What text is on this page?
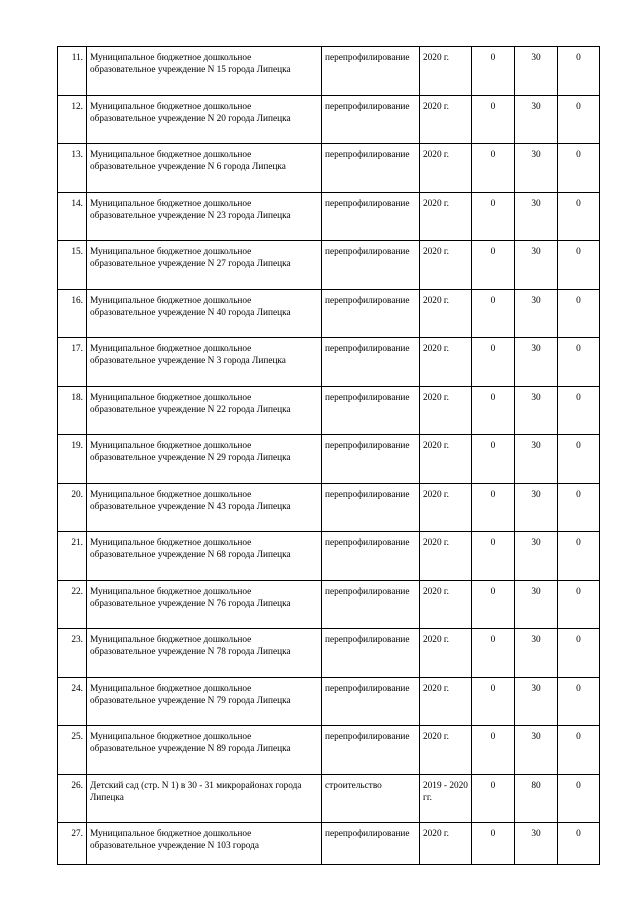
11.	Муниципальное бюджетное дошкольное образовательное учреждение N 15 города Липецка	перепрофилирование	2020 г.	0	30	0
12.	Муниципальное бюджетное дошкольное образовательное учреждение N 20 города Липецка	перепрофилирование	2020 г.	0	30	0
13.	Муниципальное бюджетное дошкольное образовательное учреждение N 6 города Липецка	перепрофилирование	2020 г.	0	30	0
14.	Муниципальное бюджетное дошкольное образовательное учреждение N 23 города Липецка	перепрофилирование	2020 г.	0	30	0
15.	Муниципальное бюджетное дошкольное образовательное учреждение N 27 города Липецка	перепрофилирование	2020 г.	0	30	0
16.	Муниципальное бюджетное дошкольное образовательное учреждение N 40 города Липецка	перепрофилирование	2020 г.	0	30	0
17.	Муниципальное бюджетное дошкольное образовательное учреждение N 3 города Липецка	перепрофилирование	2020 г.	0	30	0
18.	Муниципальное бюджетное дошкольное образовательное учреждение N 22 города Липецка	перепрофилирование	2020 г.	0	30	0
19.	Муниципальное бюджетное дошкольное образовательное учреждение N 29 города Липецка	перепрофилирование	2020 г.	0	30	0
20.	Муниципальное бюджетное дошкольное образовательное учреждение N 43 города Липецка	перепрофилирование	2020 г.	0	30	0
21.	Муниципальное бюджетное дошкольное образовательное учреждение N 68 города Липецка	перепрофилирование	2020 г.	0	30	0
22.	Муниципальное бюджетное дошкольное образовательное учреждение N 76 города Липецка	перепрофилирование	2020 г.	0	30	0
23.	Муниципальное бюджетное дошкольное образовательное учреждение N 78 города Липецка	перепрофилирование	2020 г.	0	30	0
24.	Муниципальное бюджетное дошкольное образовательное учреждение N 79 города Липецка	перепрофилирование	2020 г.	0	30	0
25.	Муниципальное бюджетное дошкольное образовательное учреждение N 89 города Липецка	перепрофилирование	2020 г.	0	30	0
26.	Детский сад (стр. N 1) в 30 - 31 микрорайонах города Липецка	строительство	2019 - 2020 гг.	0	80	0
27.	Муниципальное бюджетное дошкольное образовательное учреждение N 103 города	перепрофилирование	2020 г.	0	30	0
